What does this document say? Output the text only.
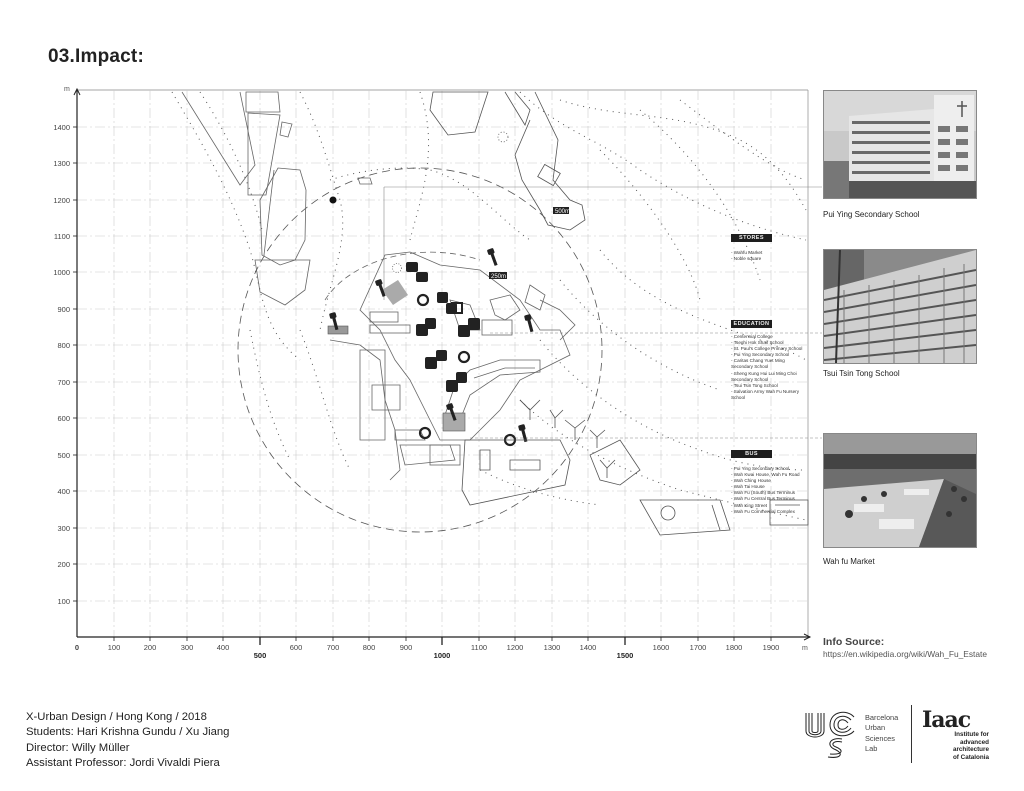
03.Impact:
500m
250m
m
m
1400
1300
1200
1100
1000
900
800
700
600
500
400
300
200
100
0	100	200	300	400	600	700	800	900	1100	1200	1300	1400	1600	1700	1800	1900
500	1000	1500
STORES
- Wahfu Market
- Noble square
EDUCATION
- Centennial College
- Tseghi Hok Shaif School
- St. Paul's College Primary School
- Pui Ying Secondary School
- Caritas Chang Yuet Ming Secondary School
- Sheng Kung Hui Lui Ming Choi Secondary School
- Tsui Tsin Tong School
- Salvation Army Wah Fu Nursery School
BUS
- Pui Ying Secondary School
- Wah Kwai House, Wah Fu Road
- Wah Ching House
- Wah Tai House
- Wah Fu (South) Bus Terminus
- Wah Fu Central Bus Terminus
- Wah King Street
- Wah Fu Commercial Complex
Pui Ying Secondary School
Tsui Tsin Tong School
Wah fu Market
Info Source:
https://en.wikipedia.org/wiki/Wah_Fu_Estate
X-Urban Design / Hong Kong / 2018
Students: Hari Krishna Gundu / Xu Jiang
Director: Willy Müller
Assistant Professor: Jordi Vivaldi Piera
Barcelona
Urban
Sciences
Lab
Iaac
Institute for
advanced
architecture
of Catalonia
